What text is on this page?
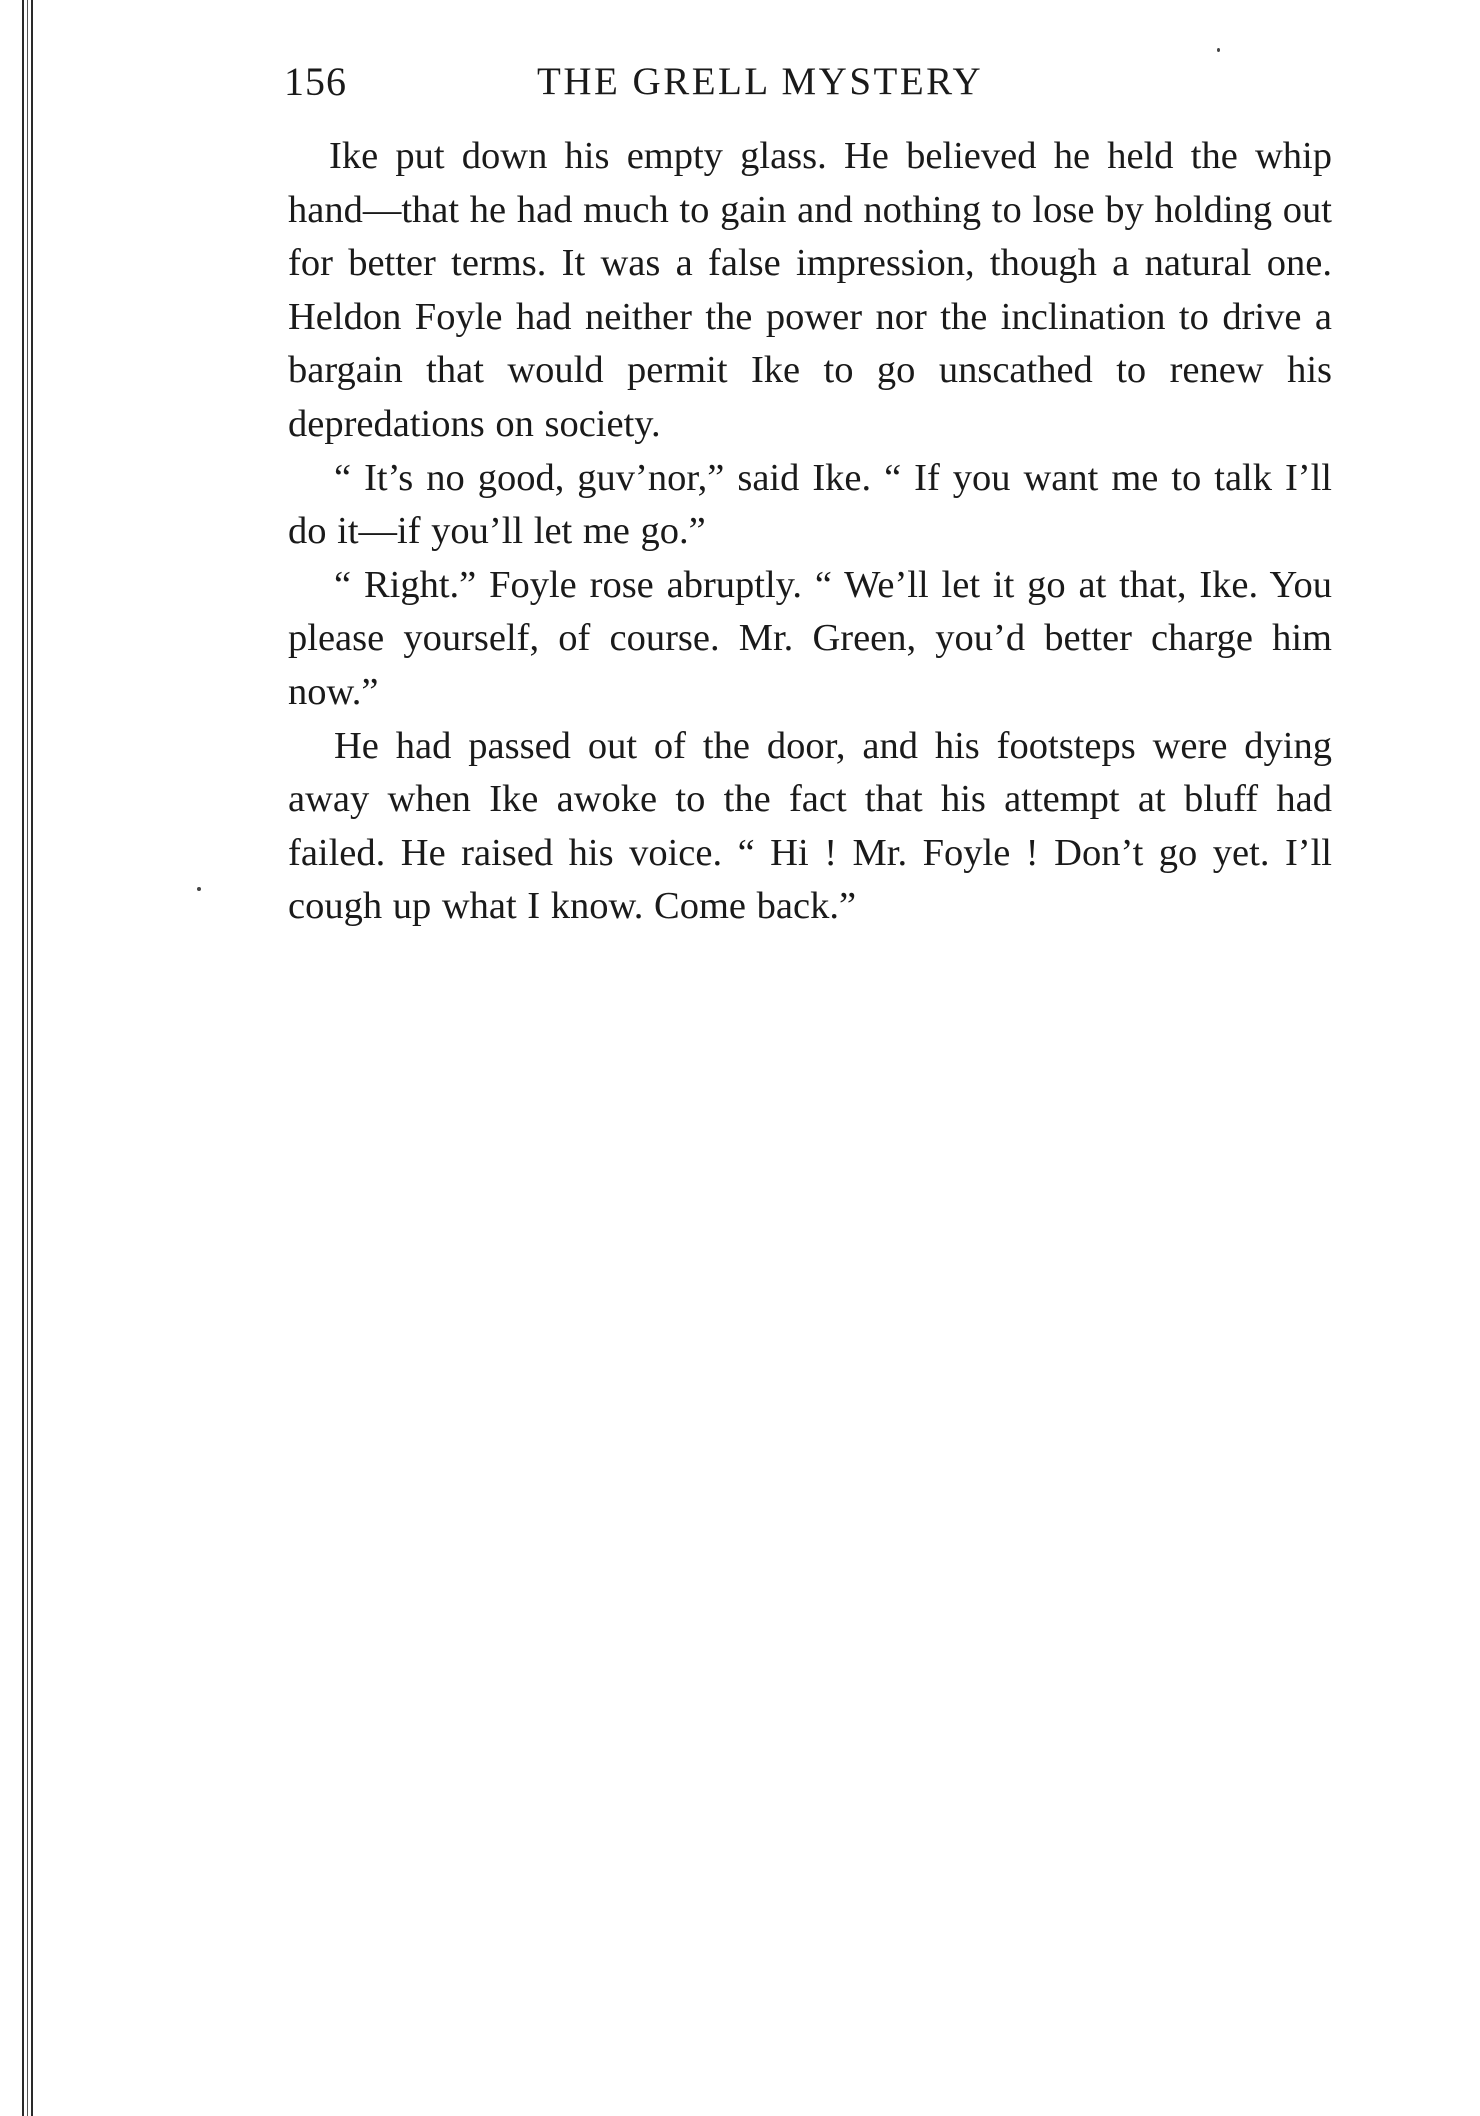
156	THE GRELL MYSTERY

Ike put down his empty glass. He believed he held the whip hand—that he had much to gain and nothing to lose by holding out for better terms. It was a false impression, though a natural one. Heldon Foyle had neither the power nor the inclination to drive a bargain that would permit Ike to go unscathed to renew his depredations on society.

“ It’s no good, guv’nor,” said Ike. “ If you want me to talk I’ll do it—if you’ll let me go.”

“ Right.” Foyle rose abruptly. “ We’ll let it go at that, Ike. You please yourself, of course. Mr. Green, you’d better charge him now.”

He had passed out of the door, and his footsteps were dying away when Ike awoke to the fact that his attempt at bluff had failed. He raised his voice. “ Hi ! Mr. Foyle ! Don’t go yet. I’ll cough up what I know. Come back.”
